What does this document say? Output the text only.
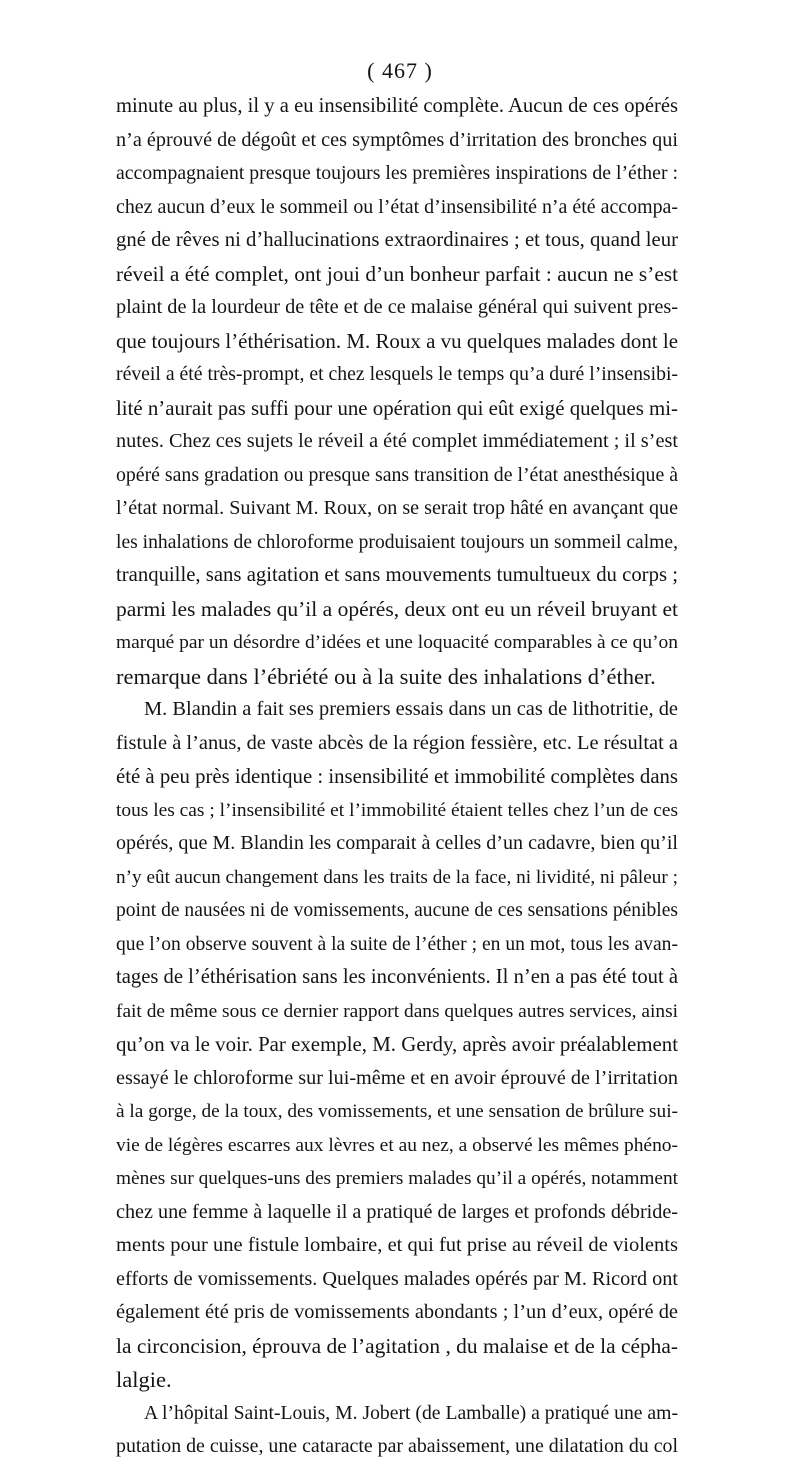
( 467 )
minute au plus, il y a eu insensibilité complète. Aucun de ces opérés
n’a éprouvé de dégoût et ces symptômes d’irritation des bronches qui
accompagnaient presque toujours les premières inspirations de l’éther :
chez aucun d’eux le sommeil ou l’état d’insensibilité n’a été accompa-
gné de rêves ni d’hallucinations extraordinaires ; et tous, quand leur
réveil a été complet, ont joui d’un bonheur parfait : aucun ne s’est
plaint de la lourdeur de tête et de ce malaise général qui suivent pres-
que toujours l’éthérisation. M. Roux a vu quelques malades dont le
réveil a été très-prompt, et chez lesquels le temps qu’a duré l’insensibi-
lité n’aurait pas suffi pour une opération qui eût exigé quelques mi-
nutes. Chez ces sujets le réveil a été complet immédiatement ; il s’est
opéré sans gradation ou presque sans transition de l’état anesthésique à
l’état normal. Suivant M. Roux, on se serait trop hâté en avançant que
les inhalations de chloroforme produisaient toujours un sommeil calme,
tranquille, sans agitation et sans mouvements tumultueux du corps ;
parmi les malades qu’il a opérés, deux ont eu un réveil bruyant et
marqué par un désordre d’idées et une loquacité comparables à ce qu’on
remarque dans l’ébriété ou à la suite des inhalations d’éther.
M. Blandin a fait ses premiers essais dans un cas de lithotritie, de
fistule à l’anus, de vaste abcès de la région fessière, etc. Le résultat a
été à peu près identique : insensibilité et immobilité complètes dans
tous les cas ; l’insensibilité et l’immobilité étaient telles chez l’un de ces
opérés, que M. Blandin les comparait à celles d’un cadavre, bien qu’il
n’y eût aucun changement dans les traits de la face, ni lividité, ni pâleur ;
point de nausées ni de vomissements, aucune de ces sensations pénibles
que l’on observe souvent à la suite de l’éther ; en un mot, tous les avan-
tages de l’éthérisation sans les inconvénients. Il n’en a pas été tout à
fait de même sous ce dernier rapport dans quelques autres services, ainsi
qu’on va le voir. Par exemple, M. Gerdy, après avoir préalablement
essayé le chloroforme sur lui-même et en avoir éprouvé de l’irritation
à la gorge, de la toux, des vomissements, et une sensation de brûlure sui-
vie de légères escarres aux lèvres et au nez, a observé les mêmes phéno-
mènes sur quelques-uns des premiers malades qu’il a opérés, notamment
chez une femme à laquelle il a pratiqué de larges et profonds débride-
ments pour une fistule lombaire, et qui fut prise au réveil de violents
efforts de vomissements. Quelques malades opérés par M. Ricord ont
également été pris de vomissements abondants ; l’un d’eux, opéré de
la circoncision, éprouva de l’agitation , du malaise et de la cépha-
lalgie.
A l’hôpital Saint-Louis, M. Jobert (de Lamballe) a pratiqué une am-
putation de cuisse, une cataracte par abaissement, une dilatation du col
